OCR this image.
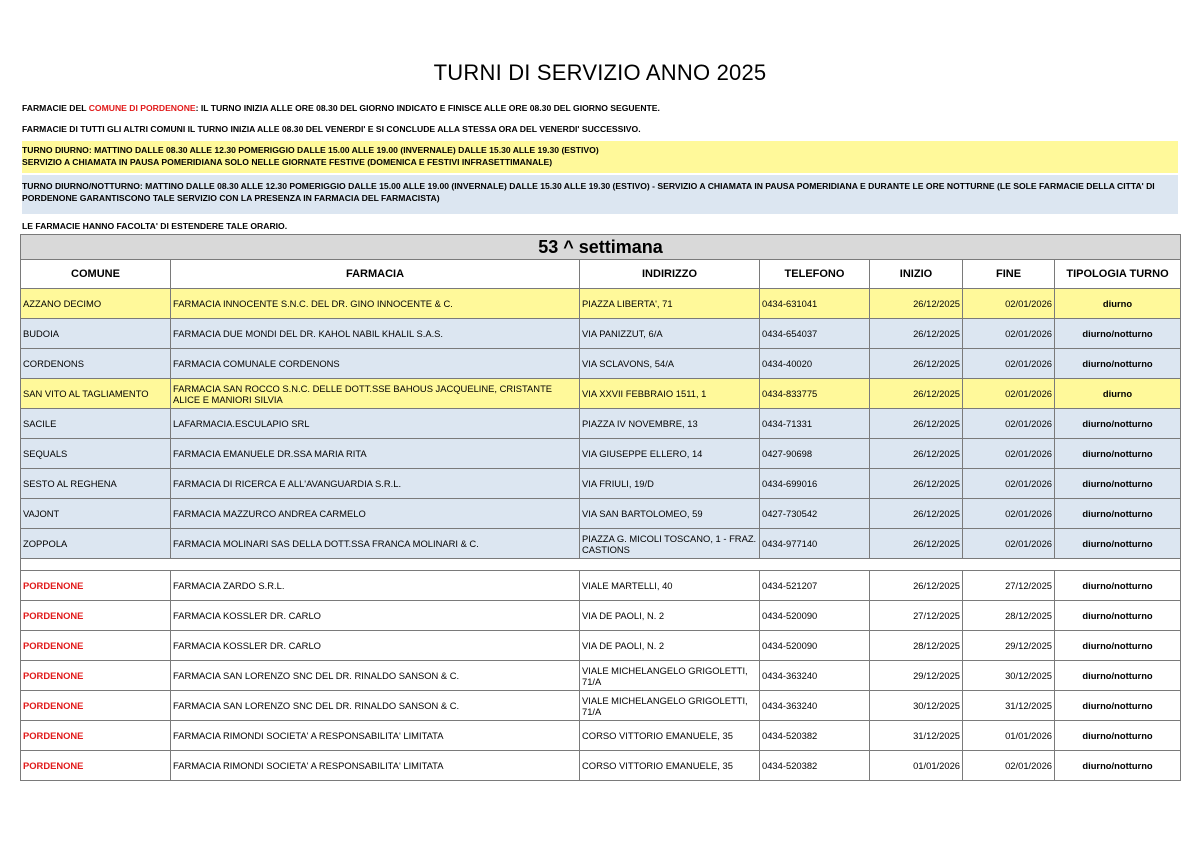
TURNI DI SERVIZIO ANNO 2025
FARMACIE DEL COMUNE DI PORDENONE: IL TURNO INIZIA ALLE ORE 08.30 DEL GIORNO INDICATO E FINISCE ALLE ORE 08.30 DEL GIORNO SEGUENTE.
FARMACIE DI TUTTI GLI ALTRI COMUNI IL TURNO INIZIA ALLE 08.30 DEL VENERDI' E SI CONCLUDE ALLA STESSA ORA DEL VENERDI' SUCCESSIVO.
TURNO DIURNO: MATTINO DALLE 08.30 ALLE 12.30 POMERIGGIO DALLE 15.00 ALLE 19.00 (INVERNALE) DALLE 15.30 ALLE 19.30 (ESTIVO)
SERVIZIO A CHIAMATA IN PAUSA POMERIDIANA SOLO NELLE GIORNATE FESTIVE (DOMENICA E FESTIVI INFRASETTIMANALE)
TURNO DIURNO/NOTTURNO: MATTINO DALLE 08.30 ALLE 12.30 POMERIGGIO DALLE 15.00 ALLE 19.00 (INVERNALE) DALLE 15.30 ALLE 19.30 (ESTIVO) - SERVIZIO A CHIAMATA IN PAUSA POMERIDIANA E DURANTE LE ORE NOTTURNE (LE SOLE FARMACIE DELLA CITTA' DI PORDENONE GARANTISCONO TALE SERVIZIO CON LA PRESENZA IN FARMACIA DEL FARMACISTA)
LE FARMACIE HANNO FACOLTA' DI ESTENDERE TALE ORARIO.
53 ^ settimana						
COMUNE	FARMACIA	INDIRIZZO	TELEFONO	INIZIO	FINE	TIPOLOGIA TURNO
AZZANO DECIMO	FARMACIA INNOCENTE S.N.C. DEL DR. GINO INNOCENTE & C.	PIAZZA LIBERTA', 71	0434-631041	26/12/2025	02/01/2026	diurno
BUDOIA	FARMACIA DUE MONDI DEL DR. KAHOL NABIL KHALIL S.A.S.	VIA PANIZZUT, 6/A	0434-654037	26/12/2025	02/01/2026	diurno/notturno
CORDENONS	FARMACIA COMUNALE CORDENONS	VIA SCLAVONS, 54/A	0434-40020	26/12/2025	02/01/2026	diurno/notturno
SAN VITO AL TAGLIAMENTO	FARMACIA SAN ROCCO S.N.C. DELLE DOTT.SSE BAHOUS JACQUELINE, CRISTANTE ALICE E MANIORI SILVIA	VIA XXVII FEBBRAIO 1511, 1	0434-833775	26/12/2025	02/01/2026	diurno
SACILE	LAFARMACIA.ESCULAPIO SRL	PIAZZA IV NOVEMBRE, 13	0434-71331	26/12/2025	02/01/2026	diurno/notturno
SEQUALS	FARMACIA EMANUELE DR.SSA MARIA RITA	VIA GIUSEPPE ELLERO, 14	0427-90698	26/12/2025	02/01/2026	diurno/notturno
SESTO AL REGHENA	FARMACIA DI RICERCA E ALL'AVANGUARDIA S.R.L.	VIA FRIULI, 19/D	0434-699016	26/12/2025	02/01/2026	diurno/notturno
VAJONT	FARMACIA MAZZURCO ANDREA CARMELO	VIA SAN BARTOLOMEO, 59	0427-730542	26/12/2025	02/01/2026	diurno/notturno
ZOPPOLA	FARMACIA MOLINARI SAS DELLA DOTT.SSA FRANCA MOLINARI & C.	PIAZZA G. MICOLI TOSCANO, 1 - FRAZ. CASTIONS	0434-977140	26/12/2025	02/01/2026	diurno/notturno

PORDENONE	FARMACIA ZARDO S.R.L.	VIALE MARTELLI, 40	0434-521207	26/12/2025	27/12/2025	diurno/notturno
PORDENONE	FARMACIA KOSSLER DR. CARLO	VIA DE PAOLI, N. 2	0434-520090	27/12/2025	28/12/2025	diurno/notturno
PORDENONE	FARMACIA KOSSLER DR. CARLO	VIA DE PAOLI, N. 2	0434-520090	28/12/2025	29/12/2025	diurno/notturno
PORDENONE	FARMACIA SAN LORENZO SNC DEL DR. RINALDO SANSON & C.	VIALE MICHELANGELO GRIGOLETTI, 71/A	0434-363240	29/12/2025	30/12/2025	diurno/notturno
PORDENONE	FARMACIA SAN LORENZO SNC DEL DR. RINALDO SANSON & C.	VIALE MICHELANGELO GRIGOLETTI, 71/A	0434-363240	30/12/2025	31/12/2025	diurno/notturno
PORDENONE	FARMACIA RIMONDI SOCIETA' A RESPONSABILITA' LIMITATA	CORSO VITTORIO EMANUELE, 35	0434-520382	31/12/2025	01/01/2026	diurno/notturno
PORDENONE	FARMACIA RIMONDI SOCIETA' A RESPONSABILITA' LIMITATA	CORSO VITTORIO EMANUELE, 35	0434-520382	01/01/2026	02/01/2026	diurno/notturno
